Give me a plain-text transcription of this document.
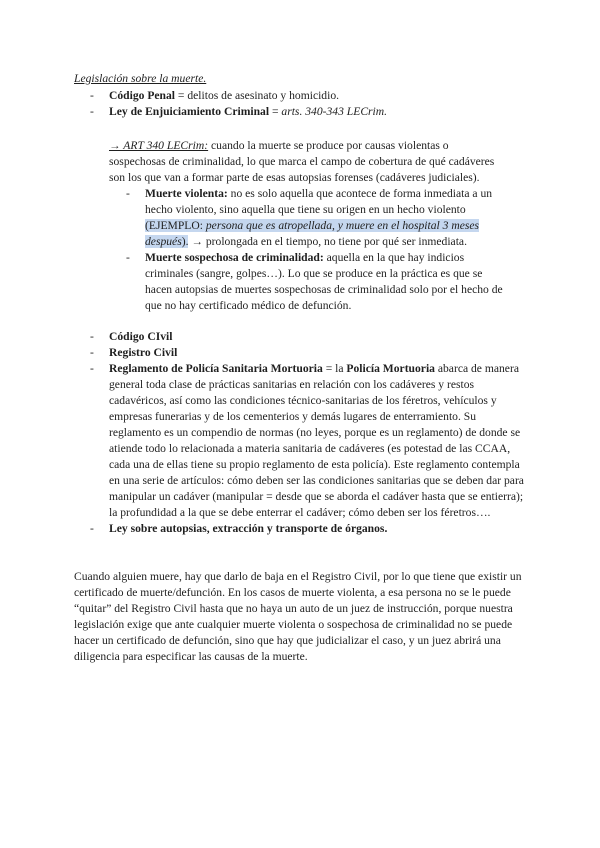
Legislación sobre la muerte.
- Código Penal = delitos de asesinato y homicidio.
- Ley de Enjuiciamiento Criminal = arts. 340-343 LECrim.
→ ART 340 LECrim: cuando la muerte se produce por causas violentas o sospechosas de criminalidad, lo que marca el campo de cobertura de qué cadáveres son los que van a formar parte de esas autopsias forenses (cadáveres judiciales).
- Muerte violenta: no es solo aquella que acontece de forma inmediata a un hecho violento, sino aquella que tiene su origen en un hecho violento (EJEMPLO: persona que es atropellada, y muere en el hospital 3 meses después). → prolongada en el tiempo, no tiene por qué ser inmediata.
- Muerte sospechosa de criminalidad: aquella en la que hay indicios criminales (sangre, golpes…). Lo que se produce en la práctica es que se hacen autopsias de muertes sospechosas de criminalidad solo por el hecho de que no hay certificado médico de defunción.
- Código CIvil
- Registro Civil
- Reglamento de Policía Sanitaria Mortuoria = la Policía Mortuoria abarca de manera general toda clase de prácticas sanitarias en relación con los cadáveres y restos cadavéricos, así como las condiciones técnico-sanitarias de los féretros, vehículos y empresas funerarias y de los cementerios y demás lugares de enterramiento. Su reglamento es un compendio de normas (no leyes, porque es un reglamento) de donde se atiende todo lo relacionada a materia sanitaria de cadáveres (es potestad de las CCAA, cada una de ellas tiene su propio reglamento de esta policía). Este reglamento contempla en una serie de artículos: cómo deben ser las condiciones sanitarias que se deben dar para manipular un cadáver (manipular = desde que se aborda el cadáver hasta que se entierra); la profundidad a la que se debe enterrar el cadáver; cómo deben ser los féretros….
- Ley sobre autopsias, extracción y transporte de órganos.
Cuando alguien muere, hay que darlo de baja en el Registro Civil, por lo que tiene que existir un certificado de muerte/defunción. En los casos de muerte violenta, a esa persona no se le puede “quitar” del Registro Civil hasta que no haya un auto de un juez de instrucción, porque nuestra legislación exige que ante cualquier muerte violenta o sospechosa de criminalidad no se puede hacer un certificado de defunción, sino que hay que judicializar el caso, y un juez abrirá una diligencia para especificar las causas de la muerte.
